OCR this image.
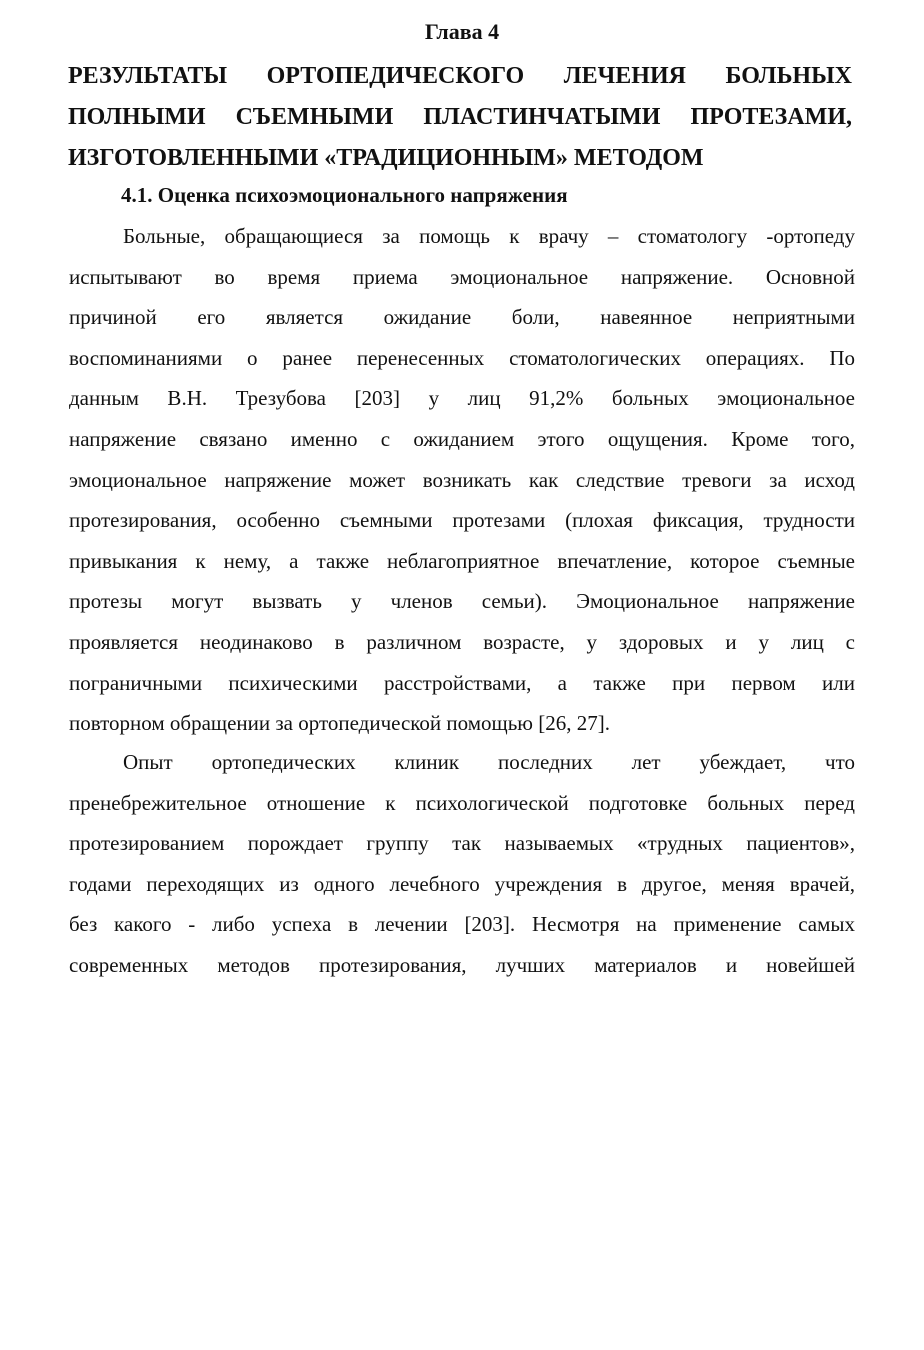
Глава 4
РЕЗУЛЬТАТЫ ОРТОПЕДИЧЕСКОГО ЛЕЧЕНИЯ БОЛЬНЫХ
ПОЛНЫМИ СЪЕМНЫМИ ПЛАСТИНЧАТЫМИ ПРОТЕЗАМИ,
ИЗГОТОВЛЕННЫМИ «ТРАДИЦИОННЫМ» МЕТОДОМ
4.1. Оценка психоэмоционального напряжения
Больные, обращающиеся за помощь к врачу – стоматологу -ортопеду
испытывают во время приема эмоциональное напряжение. Основной
причиной его является ожидание боли, навеянное неприятными
воспоминаниями о ранее перенесенных стоматологических операциях. По
данным В.Н. Трезубова [203] у лиц 91,2% больных эмоциональное
напряжение связано именно с ожиданием этого ощущения. Кроме того,
эмоциональное напряжение может возникать как следствие тревоги за исход
протезирования, особенно съемными протезами (плохая фиксация, трудности
привыкания к нему, а также неблагоприятное впечатление, которое съемные
протезы могут вызвать у членов семьи). Эмоциональное напряжение
проявляется неодинаково в различном возрасте, у здоровых и у лиц с
пограничными психическими расстройствами, а также при первом или
повторном обращении за ортопедической помощью [26, 27].
Опыт ортопедических клиник последних лет убеждает, что
пренебрежительное отношение к психологической подготовке больных перед
протезированием порождает группу так называемых «трудных пациентов»,
годами переходящих из одного лечебного учреждения в другое, меняя врачей,
без какого - либо успеха в лечении [203]. Несмотря на применение самых
современных методов протезирования, лучших материалов и новейшей
